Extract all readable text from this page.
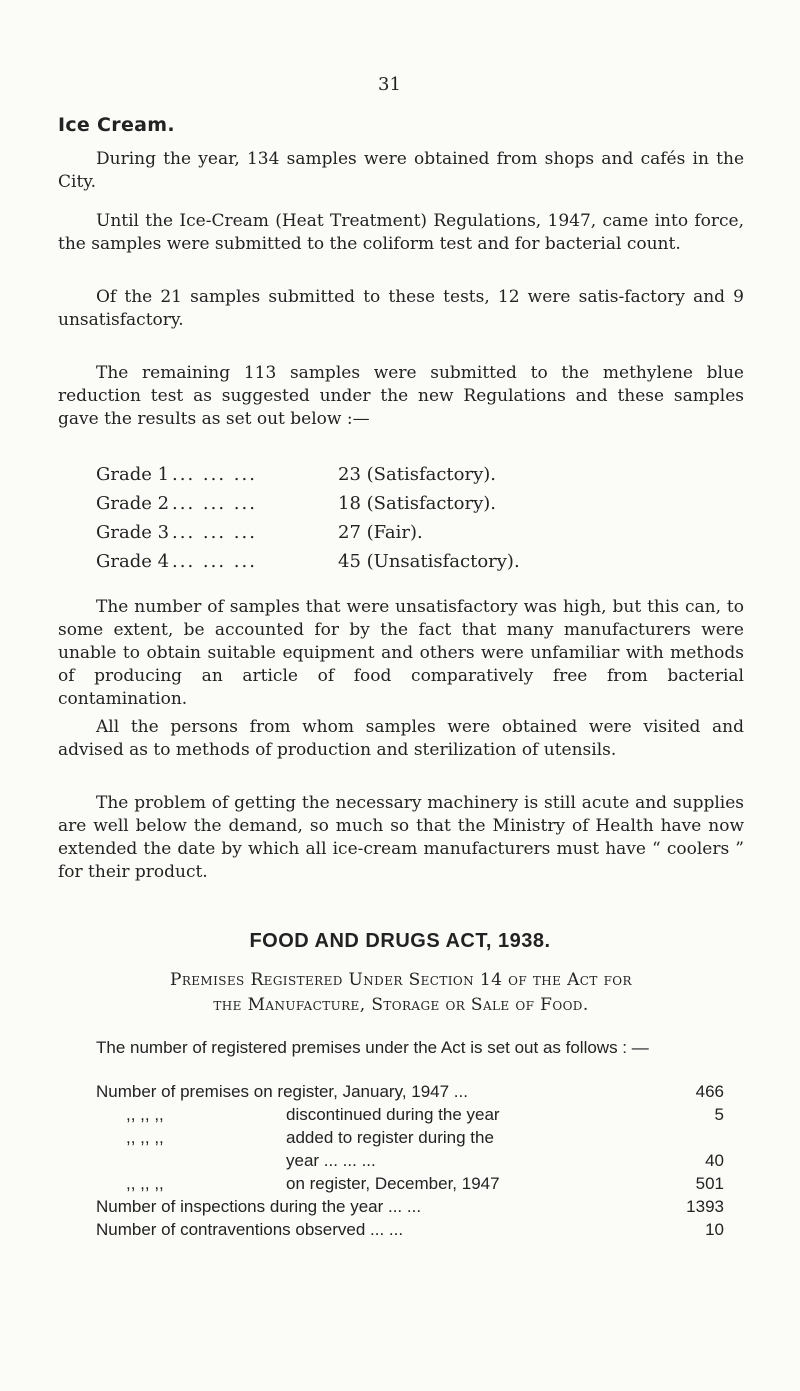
31
Ice Cream.

During the year, 134 samples were obtained from shops and cafés in the City.

Until the Ice-Cream (Heat Treatment) Regulations, 1947, came into force, the samples were submitted to the coliform test and for bacterial count.

Of the 21 samples submitted to these tests, 12 were satis-factory and 9 unsatisfactory.

The remaining 113 samples were submitted to the methylene blue reduction test as suggested under the new Regulations and these samples gave the results as set out below :—

Grade 1 ... ... ...	23 (Satisfactory).
Grade 2 ... ... ...	18 (Satisfactory).
Grade 3 ... ... ...	27 (Fair).
Grade 4 ... ... ...	45 (Unsatisfactory).

The number of samples that were unsatisfactory was high, but this can, to some extent, be accounted for by the fact that many manufacturers were unable to obtain suitable equipment and others were unfamiliar with methods of producing an article of food comparatively free from bacterial contamination.

All the persons from whom samples were obtained were visited and advised as to methods of production and sterilization of utensils.

The problem of getting the necessary machinery is still acute and supplies are well below the demand, so much so that the Ministry of Health have now extended the date by which all ice-cream manufacturers must have “ coolers ” for their product.

FOOD AND DRUGS ACT, 1938.
Premises Registered Under Section 14 of the Act for
the Manufacture, Storage or Sale of Food.

The number of registered premises under the Act is set out as follows : —

Number of premises on register, January, 1947 ...	466
,, ,, ,,	discontinued during the year	5
,, ,, ,,	added to register during the
year ... ... ...	40
,, ,, ,,	on register, December, 1947	501
Number of inspections during the year ... ...	1393
Number of contraventions observed ... ...	10
